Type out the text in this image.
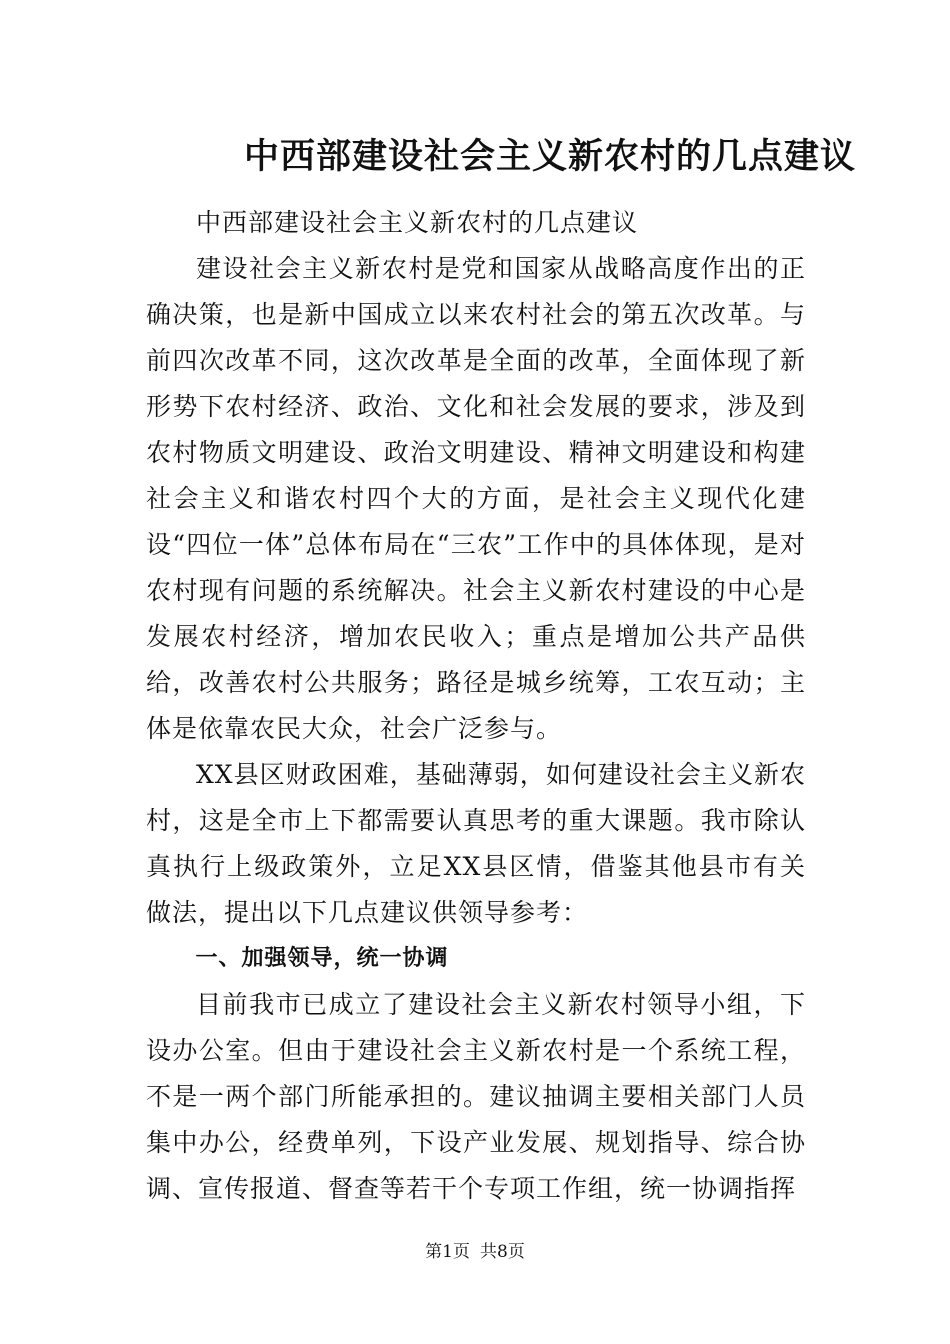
中西部建设社会主义新农村的几点建议

中西部建设社会主义新农村的几点建议

建设社会主义新农村是党和国家从战略高度作出的正确决策，也是新中国成立以来农村社会的第五次改革。与前四次改革不同，这次改革是全面的改革，全面体现了新形势下农村经济、政治、文化和社会发展的要求，涉及到农村物质文明建设、政治文明建设、精神文明建设和构建社会主义和谐农村四个大的方面，是社会主义现代化建设“四位一体”总体布局在“三农”工作中的具体体现，是对农村现有问题的系统解决。社会主义新农村建设的中心是发展农村经济，增加农民收入；重点是增加公共产品供给，改善农村公共服务；路径是城乡统筹，工农互动；主体是依靠农民大众，社会广泛参与。

XX县区财政困难，基础薄弱，如何建设社会主义新农村，这是全市上下都需要认真思考的重大课题。我市除认真执行上级政策外，立足XX县区情，借鉴其他县市有关做法，提出以下几点建议供领导参考：

一、加强领导，统一协调

目前我市已成立了建设社会主义新农村领导小组，下设办公室。但由于建设社会主义新农村是一个系统工程，不是一两个部门所能承担的。建议抽调主要相关部门人员集中办公，经费单列，下设产业发展、规划指导、综合协调、宣传报道、督查等若干个专项工作组，统一协调指挥

第1页 共8页
